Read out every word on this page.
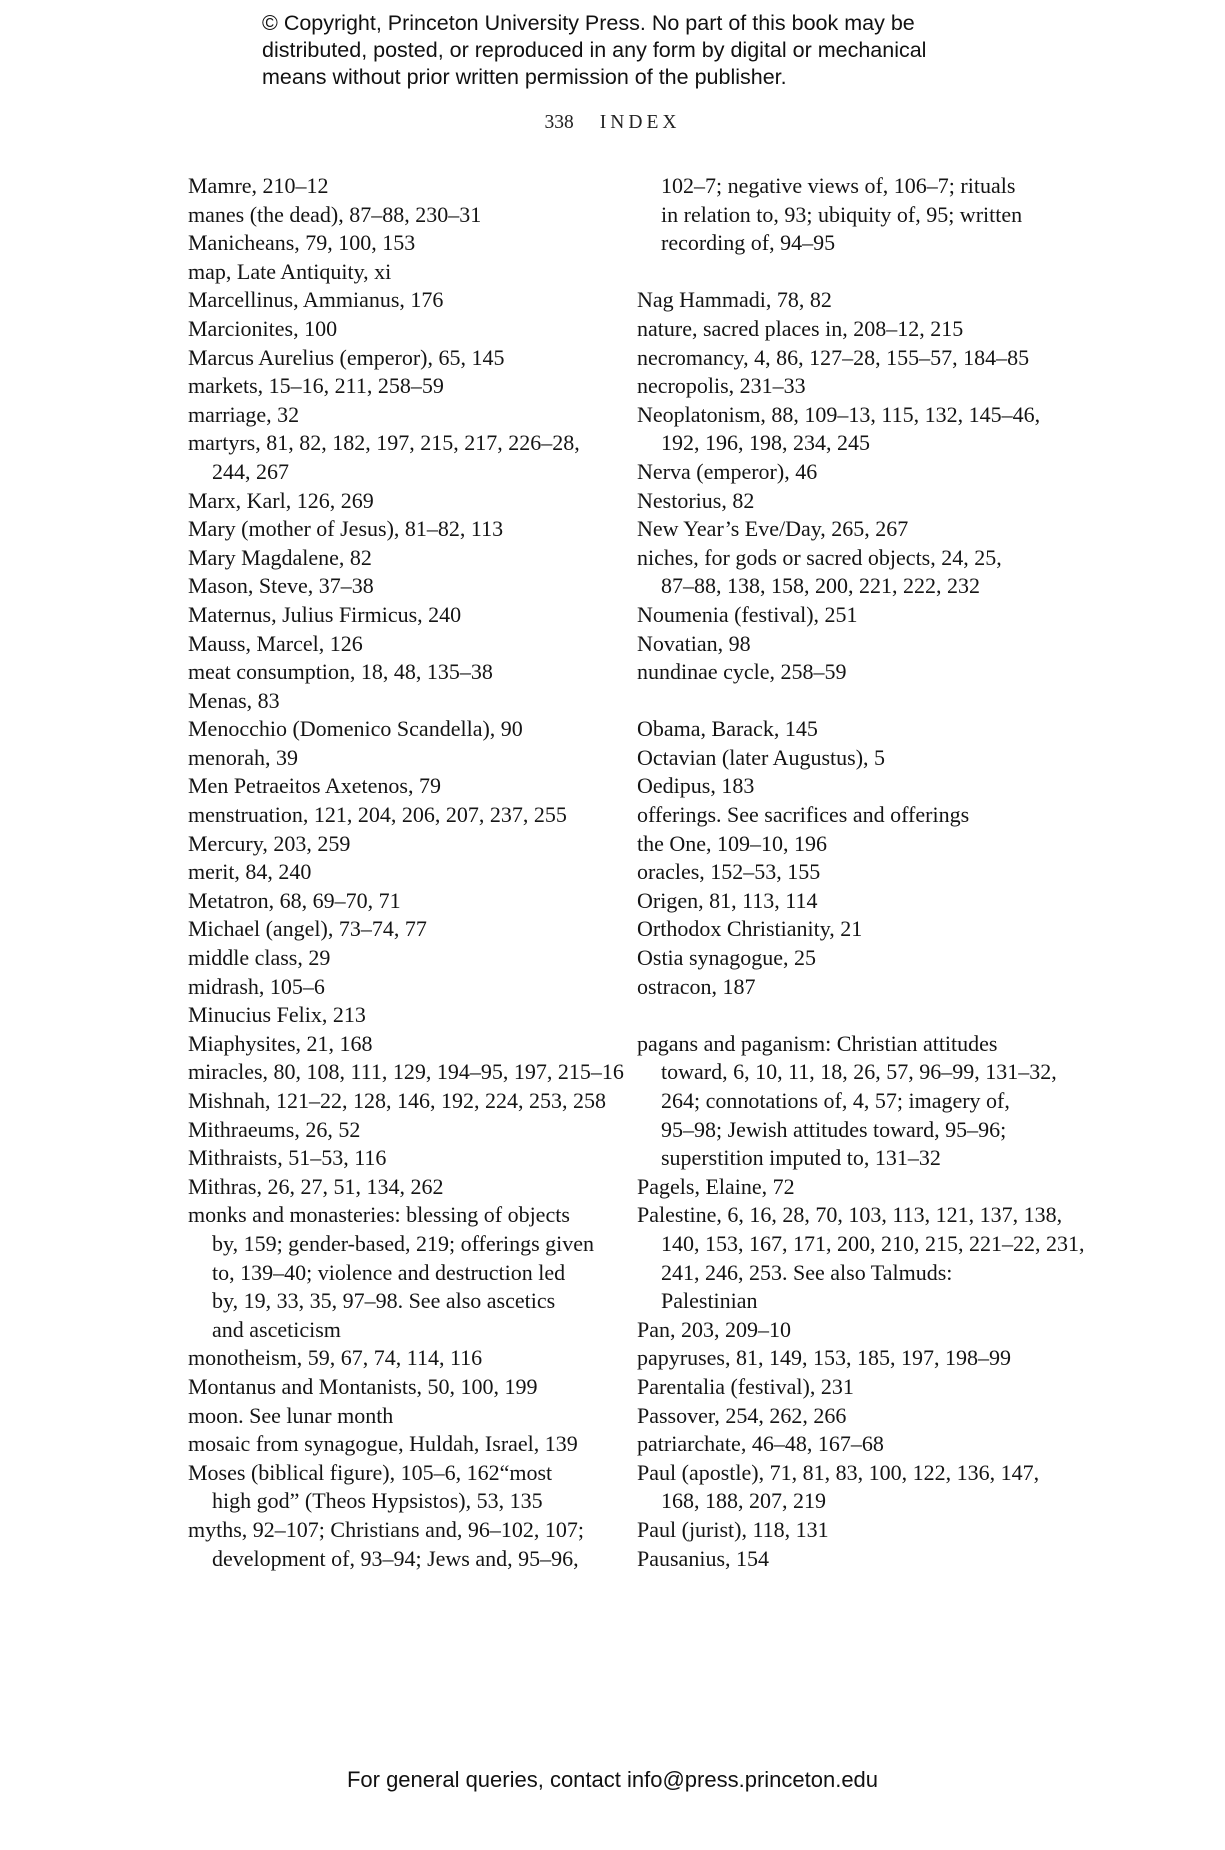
© Copyright, Princeton University Press. No part of this book may be
distributed, posted, or reproduced in any form by digital or mechanical
means without prior written permission of the publisher.
338 INDEX
Mamre, 210–12
manes (the dead), 87–88, 230–31
Manicheans, 79, 100, 153
map, Late Antiquity, xi
Marcellinus, Ammianus, 176
Marcionites, 100
Marcus Aurelius (emperor), 65, 145
markets, 15–16, 211, 258–59
marriage, 32
martyrs, 81, 82, 182, 197, 215, 217, 226–28,
244, 267
Marx, Karl, 126, 269
Mary (mother of Jesus), 81–82, 113
Mary Magdalene, 82
Mason, Steve, 37–38
Maternus, Julius Firmicus, 240
Mauss, Marcel, 126
meat consumption, 18, 48, 135–38
Menas, 83
Menocchio (Domenico Scandella), 90
menorah, 39
Men Petraeitos Axetenos, 79
menstruation, 121, 204, 206, 207, 237, 255
Mercury, 203, 259
merit, 84, 240
Metatron, 68, 69–70, 71
Michael (angel), 73–74, 77
middle class, 29
midrash, 105–6
Minucius Felix, 213
Miaphysites, 21, 168
miracles, 80, 108, 111, 129, 194–95, 197, 215–16
Mishnah, 121–22, 128, 146, 192, 224, 253, 258
Mithraeums, 26, 52
Mithraists, 51–53, 116
Mithras, 26, 27, 51, 134, 262
monks and monasteries: blessing of objects
by, 159; gender-based, 219; offerings given
to, 139–40; violence and destruction led
by, 19, 33, 35, 97–98. See also ascetics
and asceticism
monotheism, 59, 67, 74, 114, 116
Montanus and Montanists, 50, 100, 199
moon. See lunar month
mosaic from synagogue, Huldah, Israel, 139
Moses (biblical figure), 105–6, 162“most
high god” (Theos Hypsistos), 53, 135
myths, 92–107; Christians and, 96–102, 107;
development of, 93–94; Jews and, 95–96,
102–7; negative views of, 106–7; rituals
in relation to, 93; ubiquity of, 95; written
recording of, 94–95
Nag Hammadi, 78, 82
nature, sacred places in, 208–12, 215
necromancy, 4, 86, 127–28, 155–57, 184–85
necropolis, 231–33
Neoplatonism, 88, 109–13, 115, 132, 145–46,
192, 196, 198, 234, 245
Nerva (emperor), 46
Nestorius, 82
New Year’s Eve/Day, 265, 267
niches, for gods or sacred objects, 24, 25,
87–88, 138, 158, 200, 221, 222, 232
Noumenia (festival), 251
Novatian, 98
nundinae cycle, 258–59
Obama, Barack, 145
Octavian (later Augustus), 5
Oedipus, 183
offerings. See sacrifices and offerings
the One, 109–10, 196
oracles, 152–53, 155
Origen, 81, 113, 114
Orthodox Christianity, 21
Ostia synagogue, 25
ostracon, 187
pagans and paganism: Christian attitudes
toward, 6, 10, 11, 18, 26, 57, 96–99, 131–32,
264; connotations of, 4, 57; imagery of,
95–98; Jewish attitudes toward, 95–96;
superstition imputed to, 131–32
Pagels, Elaine, 72
Palestine, 6, 16, 28, 70, 103, 113, 121, 137, 138,
140, 153, 167, 171, 200, 210, 215, 221–22, 231,
241, 246, 253. See also Talmuds:
Palestinian
Pan, 203, 209–10
papyruses, 81, 149, 153, 185, 197, 198–99
Parentalia (festival), 231
Passover, 254, 262, 266
patriarchate, 46–48, 167–68
Paul (apostle), 71, 81, 83, 100, 122, 136, 147,
168, 188, 207, 219
Paul (jurist), 118, 131
Pausanius, 154
For general queries, contact info@press.princeton.edu
